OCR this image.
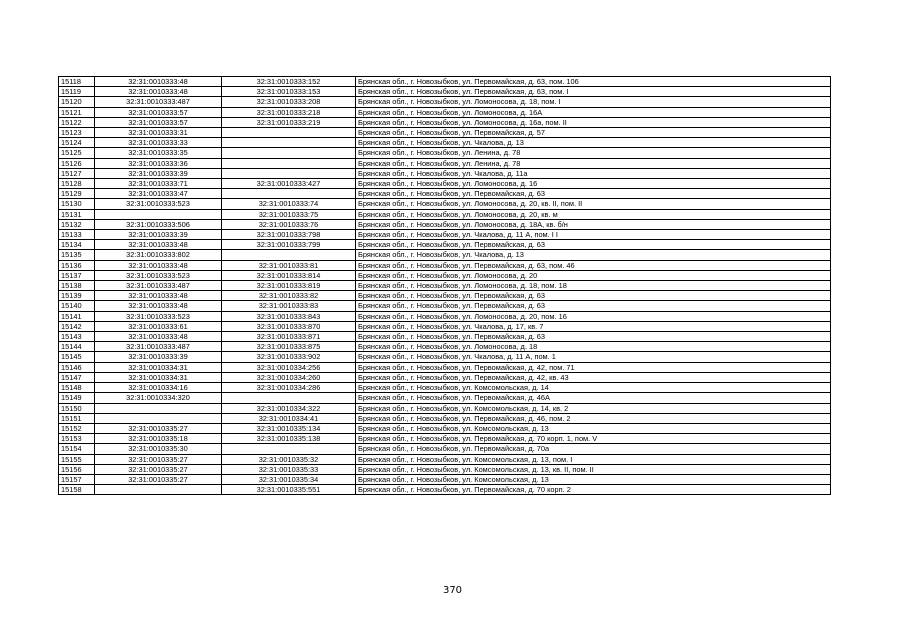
15118	32:31:0010333:48	32:31:0010333:152	Брянская обл., г. Новозыбков, ул. Первомайская, д. 63, пом. 106
15119	32:31:0010333:48	32:31:0010333:153	Брянская обл., г. Новозыбков, ул. Первомайская, д. 63, пом. I
15120	32:31:0010333:487	32:31:0010333:208	Брянская обл., г. Новозыбков, ул. Ломоносова, д. 18, пом. I
15121	32:31:0010333:57	32:31:0010333:218	Брянская обл., г. Новозыбков, ул. Ломоносова, д. 16А
15122	32:31:0010333:57	32:31:0010333:219	Брянская обл., г. Новозыбков, ул. Ломоносова, д. 16а, пом. II
15123	32:31:0010333:31		Брянская обл., г. Новозыбков, ул. Первомайская, д. 57
15124	32:31:0010333:33		Брянская обл., г. Новозыбков, ул. Чкалова, д. 13
15125	32:31:0010333:35		Брянская обл., г. Новозыбков, ул. Ленина, д. 78
15126	32:31:0010333:36		Брянская обл., г. Новозыбков, ул. Ленина, д. 78
15127	32:31:0010333:39		Брянская обл., г. Новозыбков, ул. Чкалова, д. 11а
15128	32:31:0010333:71	32:31:0010333:427	Брянская обл., г. Новозыбков, ул. Ломоносова, д. 16
15129	32:31:0010333:47		Брянская обл., г. Новозыбков, ул. Первомайская, д. 63
15130	32:31:0010333:523	32:31:0010333:74	Брянская обл., г. Новозыбков, ул. Ломоносова, д. 20, кв. II, пом. II
15131		32:31:0010333:75	Брянская обл., г. Новозыбков, ул. Ломоносова, д. 20, кв. м
15132	32:31:0010333:506	32:31:0010333:76	Брянская обл., г. Новозыбков, ул. Ломоносова, д. 18А, кв. б/н
15133	32:31:0010333:39	32:31:0010333:798	Брянская обл., г. Новозыбков, ул. Чкалова, д. 11 А, пом. I I
15134	32:31:0010333:48	32:31:0010333:799	Брянская обл., г. Новозыбков, ул. Первомайская, д. 63
15135	32:31:0010333:802		Брянская обл., г. Новозыбков, ул. Чкалова, д. 13
15136	32:31:0010333:48	32:31:0010333:81	Брянская обл., г. Новозыбков, ул. Первомайская, д. 63, пом. 46
15137	32:31:0010333:523	32:31:0010333:814	Брянская обл., г. Новозыбков, ул. Ломоносова, д. 20
15138	32:31:0010333:487	32:31:0010333:819	Брянская обл., г. Новозыбков, ул. Ломоносова, д. 18, пом. 18
15139	32:31:0010333:48	32:31:0010333:82	Брянская обл., г. Новозыбков, ул. Первомайская, д. 63
15140	32:31:0010333:48	32:31:0010333:83	Брянская обл., г. Новозыбков, ул. Первомайская, д. 63
15141	32:31:0010333:523	32:31:0010333:843	Брянская обл., г. Новозыбков, ул. Ломоносова, д. 20, пом. 16
15142	32:31:0010333:61	32:31:0010333:870	Брянская обл., г. Новозыбков, ул. Чкалова, д. 17, кв. 7
15143	32:31:0010333:48	32:31:0010333:871	Брянская обл., г. Новозыбков, ул. Первомайская, д. 63
15144	32:31:0010333:487	32:31:0010333:875	Брянская обл., г. Новозыбков, ул. Ломоносова, д. 18
15145	32:31:0010333:39	32:31:0010333:902	Брянская обл., г. Новозыбков, ул. Чкалова, д. 11 А, пом. 1
15146	32:31:0010334:31	32:31:0010334:256	Брянская обл., г. Новозыбков, ул. Первомайская, д. 42, пом. 71
15147	32:31:0010334:31	32:31:0010334:260	Брянская обл., г. Новозыбков, ул. Первомайская, д. 42, кв. 43
15148	32:31:0010334:16	32:31:0010334:286	Брянская обл., г. Новозыбков, ул. Комсомольская, д. 14
15149	32:31:0010334:320		Брянская обл., г. Новозыбков, ул. Первомайская, д. 46А
15150		32:31:0010334:322	Брянская обл., г. Новозыбков, ул. Комсомольская, д. 14, кв. 2
15151		32:31:0010334:41	Брянская обл., г. Новозыбков, ул. Первомайская, д. 46, пом. 2
15152	32:31:0010335:27	32:31:0010335:134	Брянская обл., г. Новозыбков, ул. Комсомольская, д. 13
15153	32:31:0010335:18	32:31:0010335:138	Брянская обл., г. Новозыбков, ул. Первомайская, д. 70 корп. 1, пом. V
15154	32:31:0010335:30		Брянская обл., г. Новозыбков, ул. Первомайская, д. 70а
15155	32:31:0010335:27	32:31:0010335:32	Брянская обл., г. Новозыбков, ул. Комсомольская, д. 13, пом. I
15156	32:31:0010335:27	32:31:0010335:33	Брянская обл., г. Новозыбков, ул. Комсомольская, д. 13, кв. II, пом. II
15157	32:31:0010335:27	32:31:0010335:34	Брянская обл., г. Новозыбков, ул. Комсомольская, д. 13
15158		32:31:0010335:551	Брянская обл., г. Новозыбков, ул. Первомайская, д. 70 корп. 2
370
